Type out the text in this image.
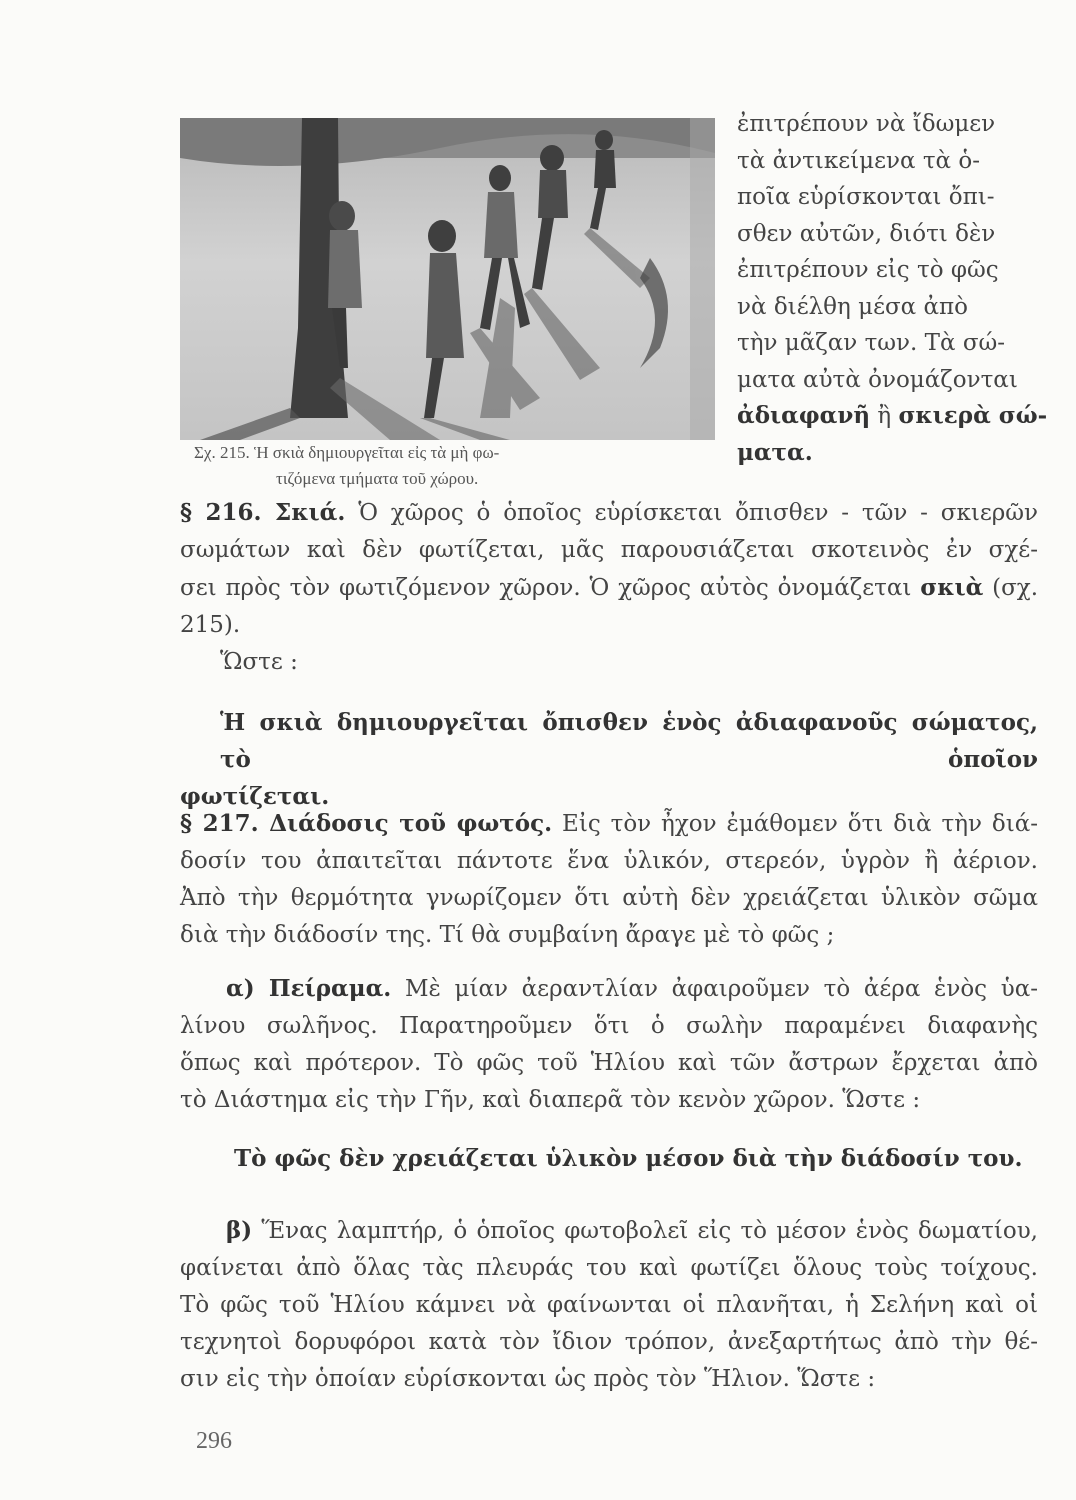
Σχ. 215. Ἡ σκιὰ δημιουργεῖται εἰς τὰ μὴ φω-
τιζόμενα τμήματα τοῦ χώρου.
ἐπιτρέπουν νὰ ἴδωμεν
τὰ ἀντικείμενα τὰ ὁ-
ποῖα εὑρίσκονται ὄπι-
σθεν αὐτῶν, διότι δὲν
ἐπιτρέπουν εἰς τὸ φῶς
νὰ διέλθη μέσα ἀπὸ
τὴν μᾶζαν των. Τὰ σώ-
ματα αὐτὰ ὀνομάζονται
ἀδιαφανῆ ἢ σκιερὰ σώ-
ματα.
§ 216. Σκιά. Ὁ χῶρος ὁ ὁποῖος εὑρίσκεται ὄπισθεν - τῶν - σκιερῶν
σωμάτων καὶ δὲν φωτίζεται, μᾶς παρουσιάζεται σκοτεινὸς ἐν σχέ-
σει πρὸς τὸν φωτιζόμενον χῶρον. Ὁ χῶρος αὐτὸς ὀνομάζεται σκιὰ (σχ.
215).
Ὥστε :
Ἡ σκιὰ δημιουργεῖται ὄπισθεν ἑνὸς ἀδιαφανοῦς σώματος, τὸ ὁποῖον
φωτίζεται.
§ 217. Διάδοσις τοῦ φωτός. Εἰς τὸν ἦχον ἐμάθομεν ὅτι διὰ τὴν διά-
δοσίν του ἀπαιτεῖται πάντοτε ἕνα ὑλικόν, στερεόν, ὑγρὸν ἢ ἀέριον.
Ἀπὸ τὴν θερμότητα γνωρίζομεν ὅτι αὐτὴ δὲν χρειάζεται ὑλικὸν σῶμα
διὰ τὴν διάδοσίν της. Τί θὰ συμβαίνη ἄραγε μὲ τὸ φῶς ;
α) Πείραμα. Μὲ μίαν ἀεραντλίαν ἀφαιροῦμεν τὸ ἀέρα ἑνὸς ὑα-
λίνου σωλῆνος. Παρατηροῦμεν ὅτι ὁ σωλὴν παραμένει διαφανὴς
ὅπως καὶ πρότερον. Τὸ φῶς τοῦ Ἡλίου καὶ τῶν ἄστρων ἔρχεται ἀπὸ
τὸ Διάστημα εἰς τὴν Γῆν, καὶ διαπερᾶ τὸν κενὸν χῶρον. Ὥστε :
Τὸ φῶς δὲν χρειάζεται ὑλικὸν μέσον διὰ τὴν διάδοσίν του.
β) Ἕνας λαμπτήρ, ὁ ὁποῖος φωτοβολεῖ εἰς τὸ μέσον ἑνὸς δωματίου,
φαίνεται ἀπὸ ὅλας τὰς πλευράς του καὶ φωτίζει ὅλους τοὺς τοίχους.
Τὸ φῶς τοῦ Ἡλίου κάμνει νὰ φαίνωνται οἱ πλανῆται, ἡ Σελήνη καὶ οἱ
τεχνητοὶ δορυφόροι κατὰ τὸν ἴδιον τρόπον, ἀνεξαρτήτως ἀπὸ τὴν θέ-
σιν εἰς τὴν ὁποίαν εὑρίσκονται ὡς πρὸς τὸν Ἥλιον. Ὥστε :
296
